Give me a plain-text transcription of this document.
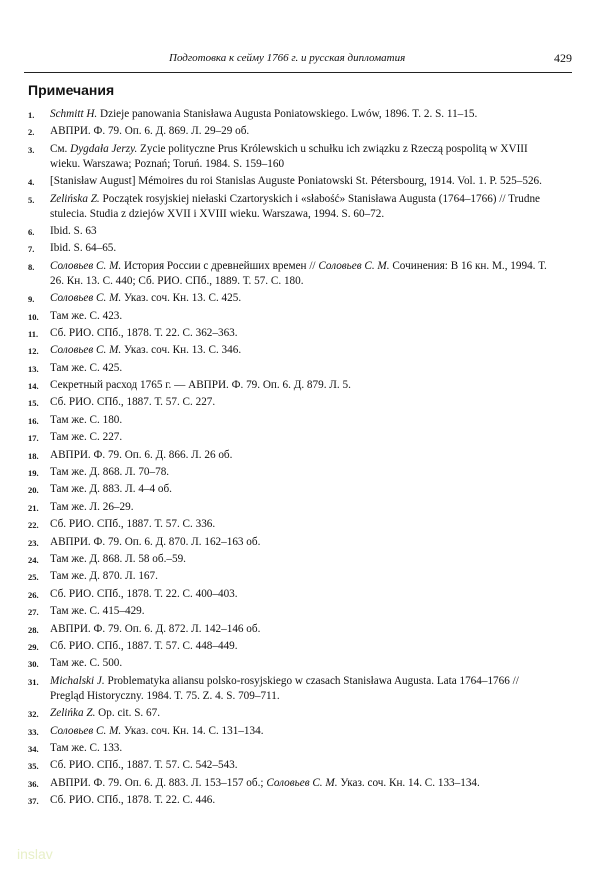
Подготовка к сейму 1766 г. и русская дипломатия	429
Примечания
1. Schmitt H. Dzieje panowania Stanisława Augusta Poniatowskiego. Lwów, 1896. T. 2. S. 11–15.
2. АВПРИ. Ф. 79. Оп. 6. Д. 869. Л. 29–29 об.
3. См. Dygdała Jerzy. Zycie polityczne Prus Królewskich u schułku ich związku z Rzeczą pospolitą w XVIII wieku. Warszawa; Poznań; Toruń. 1984. S. 159–160
4. [Stanisław August] Mémoires du roi Stanislas Auguste Poniatowski St. Pétersbourg, 1914. Vol. 1. P. 525–526.
5. Zelińska Z. Początek rosyjskiej niełaski Czartoryskich i «słabość» Stanisława Augusta (1764–1766) // Trudne stulecia. Studia z dziejów XVII i XVIII wieku. Warszawa, 1994. S. 60–72.
6. Ibid. S. 63
7. Ibid. S. 64–65.
8. Соловьев С. М. История России с древнейших времен // Соловьев С. М. Сочинения: В 16 кн. М., 1994. Т. 26. Кн. 13. С. 440; Сб. РИО. СПб., 1889. Т. 57. С. 180.
9. Соловьев С. М. Указ. соч. Кн. 13. С. 425.
10. Там же. С. 423.
11. Сб. РИО. СПб., 1878. Т. 22. С. 362–363.
12. Соловьев С. М. Указ. соч. Кн. 13. С. 346.
13. Там же. С. 425.
14. Секретный расход 1765 г. — АВПРИ. Ф. 79. Оп. 6. Д. 879. Л. 5.
15. Сб. РИО. СПб., 1887. Т. 57. С. 227.
16. Там же. С. 180.
17. Там же. С. 227.
18. АВПРИ. Ф. 79. Оп. 6. Д. 866. Л. 26 об.
19. Там же. Д. 868. Л. 70–78.
20. Там же. Д. 883. Л. 4–4 об.
21. Там же. Л. 26–29.
22. Сб. РИО. СПб., 1887. Т. 57. С. 336.
23. АВПРИ. Ф. 79. Оп. 6. Д. 870. Л. 162–163 об.
24. Там же. Д. 868. Л. 58 об.–59.
25. Там же. Д. 870. Л. 167.
26. Сб. РИО. СПб., 1878. Т. 22. С. 400–403.
27. Там же. С. 415–429.
28. АВПРИ. Ф. 79. Оп. 6. Д. 872. Л. 142–146 об.
29. Сб. РИО. СПб., 1887. Т. 57. С. 448–449.
30. Там же. С. 500.
31. Michalski J. Problematyka aliansu polsko-rosyjskiego w czasach Stanisława Augusta. Lata 1764–1766 // Pregląd Historyczny. 1984. T. 75. Z. 4. S. 709–711.
32. Zelińka Z. Op. cit. S. 67.
33. Соловьев С. М. Указ. соч. Кн. 14. С. 131–134.
34. Там же. С. 133.
35. Сб. РИО. СПб., 1887. Т. 57. С. 542–543.
36. АВПРИ. Ф. 79. Оп. 6. Д. 883. Л. 153–157 об.; Соловьев С. М. Указ. соч. Кн. 14. С. 133–134.
37. Сб. РИО. СПб., 1878. Т. 22. С. 446.
inslav
